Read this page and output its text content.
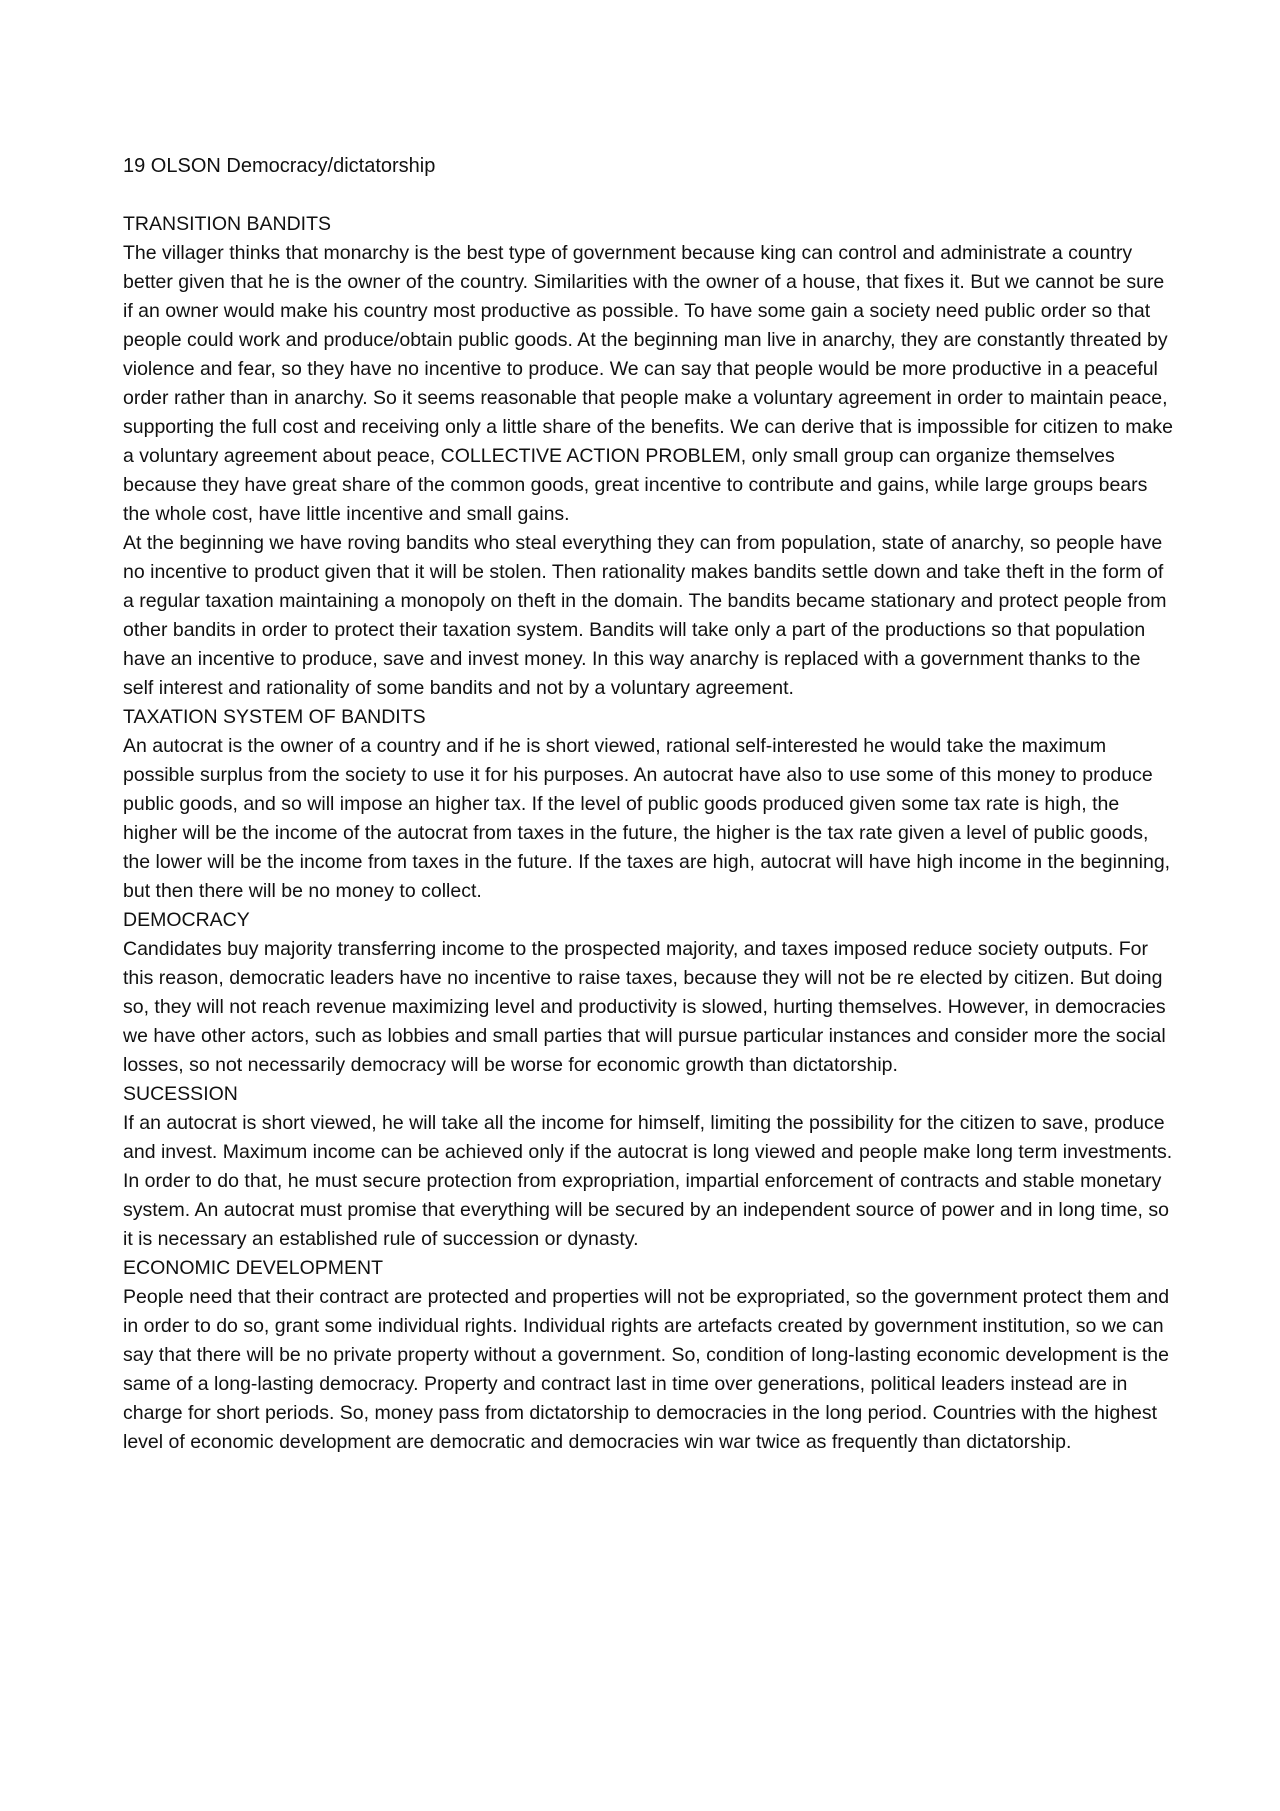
19 OLSON Democracy/dictatorship

TRANSITION BANDITS

The villager thinks that monarchy is the best type of government because king can control and administrate a country better given that he is the owner of the country. Similarities with the owner of a house, that fixes it. But we cannot be sure if an owner would make his country most productive as possible. To have some gain a society need public order so that people could work and produce/obtain public goods. At the beginning man live in anarchy, they are constantly threated by violence and fear, so they have no incentive to produce. We can say that people would be more productive in a peaceful order rather than in anarchy. So it seems reasonable that people make a voluntary agreement in order to maintain peace, supporting the full cost and receiving only a little share of the benefits. We can derive that is impossible for citizen to make a voluntary agreement about peace, COLLECTIVE ACTION PROBLEM, only small group can organize themselves because they have great share of the common goods, great incentive to contribute and gains, while large groups bears the whole cost, have little incentive and small gains.

At the beginning we have roving bandits who steal everything they can from population, state of anarchy, so people have no incentive to product given that it will be stolen. Then rationality makes bandits settle down and take theft in the form of a regular taxation maintaining a monopoly on theft in the domain. The bandits became stationary and protect people from other bandits in order to protect their taxation system. Bandits will take only a part of the productions so that population have an incentive to produce, save and invest money. In this way anarchy is replaced with a government thanks to the self interest and rationality of some bandits and not by a voluntary agreement.

TAXATION SYSTEM OF BANDITS

An autocrat is the owner of a country and if he is short viewed, rational self-interested he would take the maximum possible surplus from the society to use it for his purposes. An autocrat have also to use some of this money to produce public goods, and so will impose an higher tax. If the level of public goods produced given some tax rate is high, the higher will be the income of the autocrat from taxes in the future, the higher is the tax rate given a level of public goods, the lower will be the income from taxes in the future. If the taxes are high, autocrat will have high income in the beginning, but then there will be no money to collect.

DEMOCRACY

Candidates buy majority transferring income to the prospected majority, and taxes imposed reduce society outputs. For this reason, democratic leaders have no incentive to raise taxes, because they will not be re elected by citizen. But doing so, they will not reach revenue maximizing level and productivity is slowed, hurting themselves. However, in democracies we have other actors, such as lobbies and small parties that will pursue particular instances and consider more the social losses, so not necessarily democracy will be worse for economic growth than dictatorship.

SUCESSION

If an autocrat is short viewed, he will take all the income for himself, limiting the possibility for the citizen to save, produce and invest. Maximum income can be achieved only if the autocrat is long viewed and people make long term investments. In order to do that, he must secure protection from expropriation, impartial enforcement of contracts and stable monetary system. An autocrat must promise that everything will be secured by an independent source of power and in long time, so it is necessary an established rule of succession or dynasty.

ECONOMIC DEVELOPMENT

People need that their contract are protected and properties will not be expropriated, so the government protect them and in order to do so, grant some individual rights. Individual rights are artefacts created by government institution, so we can say that there will be no private property without a government. So, condition of long-lasting economic development is the same of a long-lasting democracy. Property and contract last in time over generations, political leaders instead are in charge for short periods. So, money pass from dictatorship to democracies in the long period. Countries with the highest level of economic development are democratic and democracies win war twice as frequently than dictatorship.
